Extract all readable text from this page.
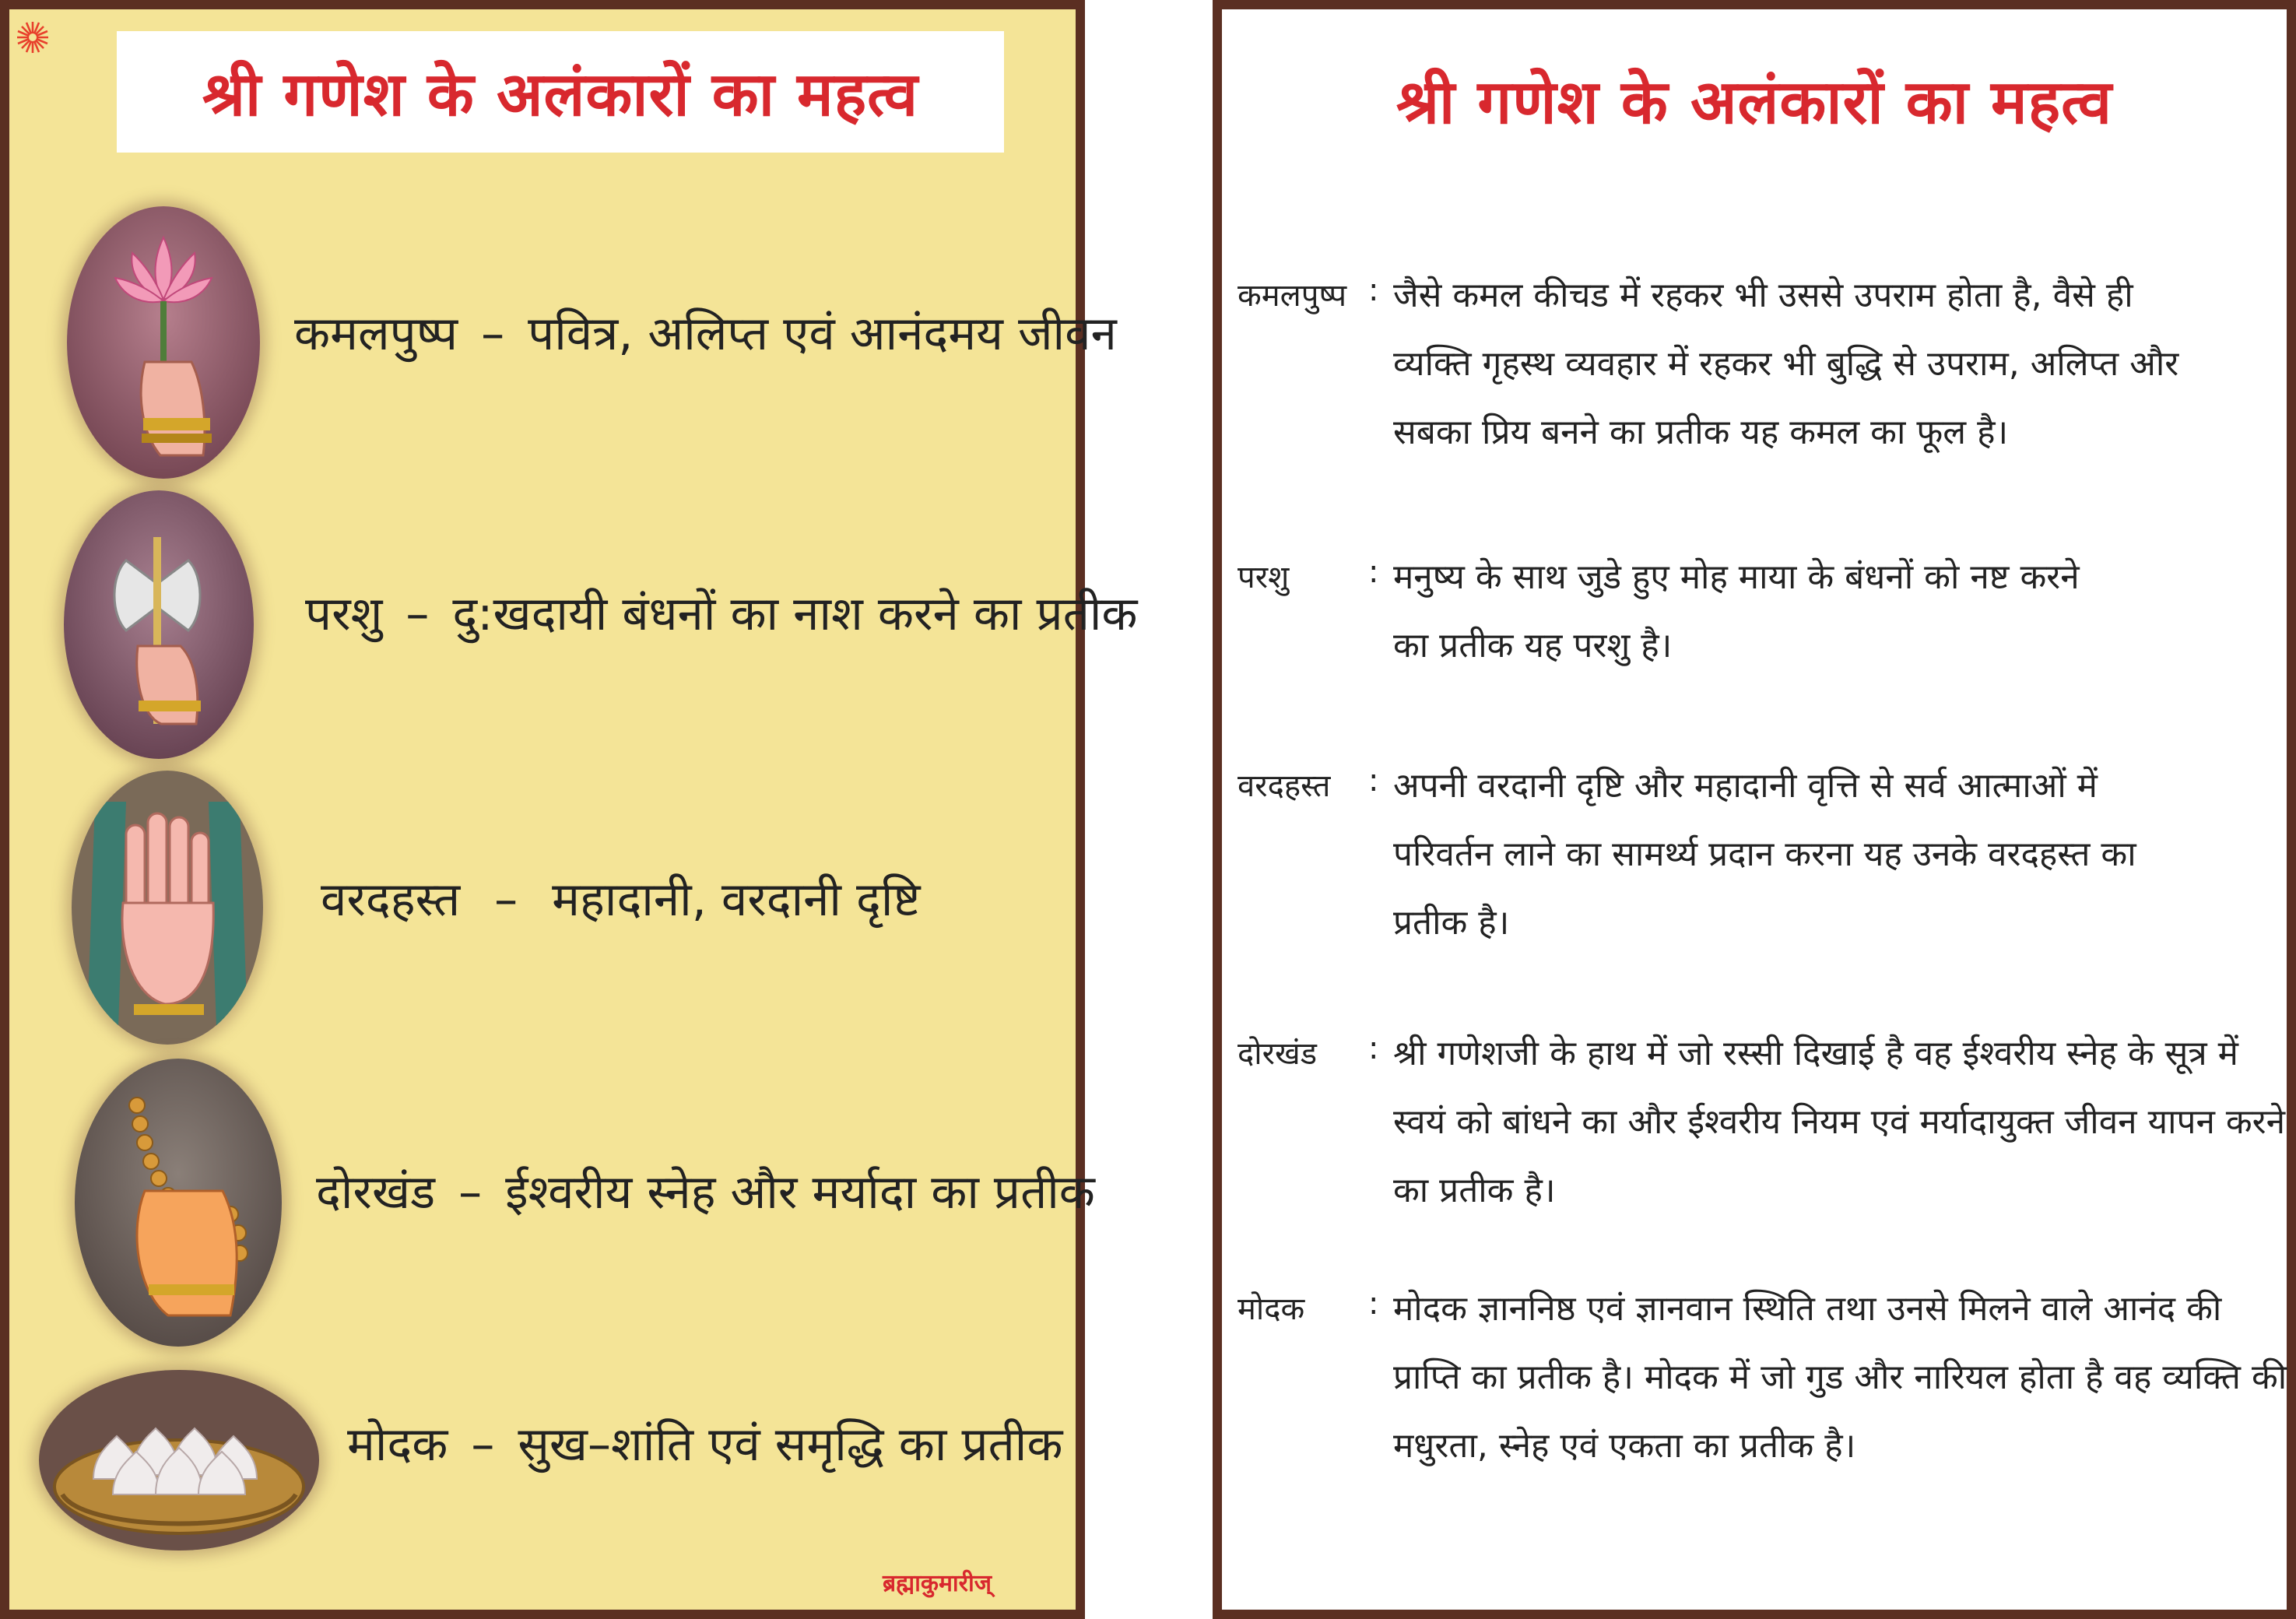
श्री गणेश के अलंकारों का महत्व
कमलपुष्प – पवित्र, अलिप्त एवं आनंदमय जीवन
परशु – दु:खदायी बंधनों का नाश करने का प्रतीक
वरदहस्त – महादानी, वरदानी दृष्टि
दोरखंड – ईश्वरीय स्नेह और मर्यादा का प्रतीक
मोदक – सुख–शांति एवं समृद्धि का प्रतीक
ब्रह्माकुमारीज्
श्री गणेश के अलंकारों का महत्व
कमलपुष्प : जैसे कमल कीचड में रहकर भी उससे उपराम होता है, वैसे ही
व्यक्ति गृहस्थ व्यवहार में रहकर भी बुद्धि से उपराम, अलिप्त और
सबका प्रिय बनने का प्रतीक यह कमल का फूल है।
परशु	: मनुष्य के साथ जुडे हुए मोह माया के बंधनों को नष्ट करने
का प्रतीक यह परशु है।
वरदहस्त	: अपनी वरदानी दृष्टि और महादानी वृत्ति से सर्व आत्माओं में
परिवर्तन लाने का सामर्थ्य प्रदान करना यह उनके वरदहस्त का
प्रतीक है।
दोरखंड	: श्री गणेशजी के हाथ में जो रस्सी दिखाई है वह ईश्वरीय स्नेह के सूत्र में
स्वयं को बांधने का और ईश्वरीय नियम एवं मर्यादायुक्त जीवन यापन करने
का प्रतीक है।
मोदक	: मोदक ज्ञाननिष्ठ एवं ज्ञानवान स्थिति तथा उनसे मिलने वाले आनंद की
प्राप्ति का प्रतीक है। मोदक में जो गुड और नारियल होता है वह व्यक्ति की
मधुरता, स्नेह एवं एकता का प्रतीक है।
